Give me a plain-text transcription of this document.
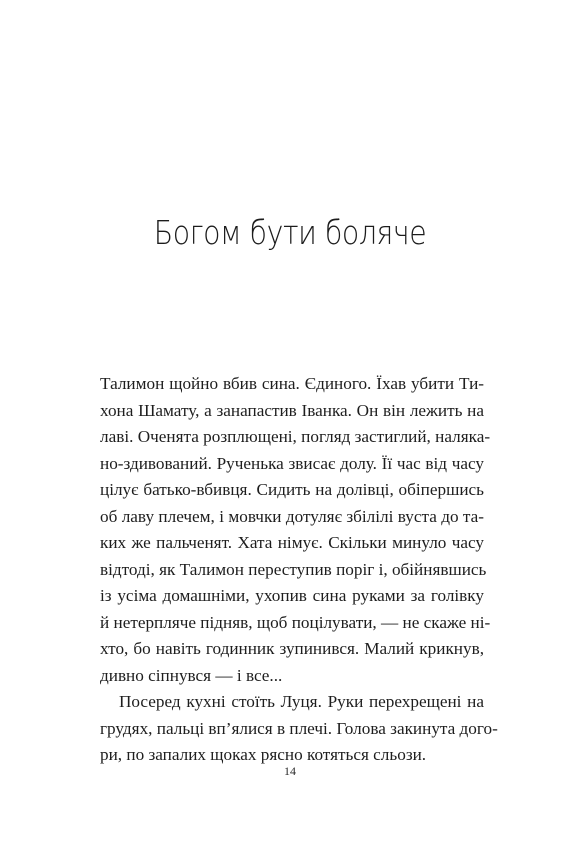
Богом бути боляче
Талимон щойно вбив сина. Єдиного. Їхав убити Ти-
хона Шамату, а занапастив Іванка. Он він лежить на
лаві. Оченята розплющені, погляд застиглий, наляка-
но-здивований. Рученька звисає долу. Її час від часу
цілує батько-вбивця. Сидить на долівці, обіпершись
об лаву плечем, і мовчки дотуляє збілілі вуста до та-
ких же пальченят. Хата німує. Скільки минуло часу
відтоді, як Талимон переступив поріг і, обійнявшись
із усіма домашніми, ухопив сина руками за голівку
й нетерпляче підняв, щоб поцілувати, — не скаже ні-
хто, бо навіть годинник зупинився. Малий крикнув,
дивно сіпнувся — і все...
Посеред кухні стоїть Луця. Руки перехрещені на
грудях, пальці вп’ялися в плечі. Голова закинута дого-
ри, по запалих щоках рясно котяться сльози.
14
